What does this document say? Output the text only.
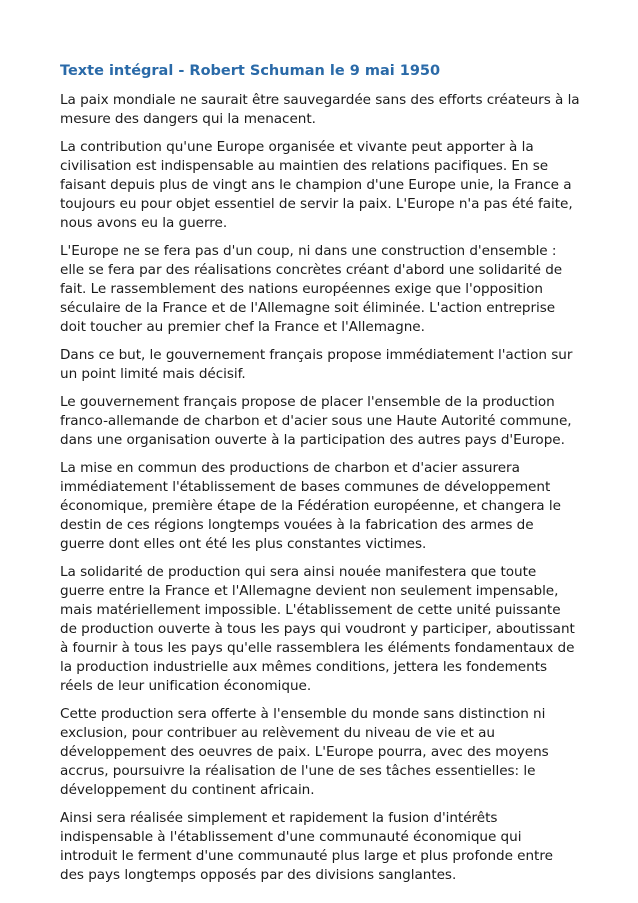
Texte intégral - Robert Schuman le 9 mai 1950

La paix mondiale ne saurait être sauvegardée sans des efforts créateurs à la mesure des dangers qui la menacent.

La contribution qu'une Europe organisée et vivante peut apporter à la civilisation est indispensable au maintien des relations pacifiques. En se faisant depuis plus de vingt ans le champion d'une Europe unie, la France a toujours eu pour objet essentiel de servir la paix. L'Europe n'a pas été faite, nous avons eu la guerre.

L'Europe ne se fera pas d'un coup, ni dans une construction d'ensemble : elle se fera par des réalisations concrètes créant d'abord une solidarité de fait. Le rassemblement des nations européennes exige que l'opposition séculaire de la France et de l'Allemagne soit éliminée. L'action entreprise doit toucher au premier chef la France et l'Allemagne.

Dans ce but, le gouvernement français propose immédiatement l'action sur un point limité mais décisif.

Le gouvernement français propose de placer l'ensemble de la production franco-allemande de charbon et d'acier sous une Haute Autorité commune, dans une organisation ouverte à la participation des autres pays d'Europe.

La mise en commun des productions de charbon et d'acier assurera immédiatement l'établissement de bases communes de développement économique, première étape de la Fédération européenne, et changera le destin de ces régions longtemps vouées à la fabrication des armes de guerre dont elles ont été les plus constantes victimes.

La solidarité de production qui sera ainsi nouée manifestera que toute guerre entre la France et l'Allemagne devient non seulement impensable, mais matériellement impossible. L'établissement de cette unité puissante de production ouverte à tous les pays qui voudront y participer, aboutissant à fournir à tous les pays qu'elle rassemblera les éléments fondamentaux de la production industrielle aux mêmes conditions, jettera les fondements réels de leur unification économique.

Cette production sera offerte à l'ensemble du monde sans distinction ni exclusion, pour contribuer au relèvement du niveau de vie et au développement des oeuvres de paix. L'Europe pourra, avec des moyens accrus, poursuivre la réalisation de l'une de ses tâches essentielles: le développement du continent africain.

Ainsi sera réalisée simplement et rapidement la fusion d'intérêts indispensable à l'établissement d'une communauté économique qui introduit le ferment d'une communauté plus large et plus profonde entre des pays longtemps opposés par des divisions sanglantes.
